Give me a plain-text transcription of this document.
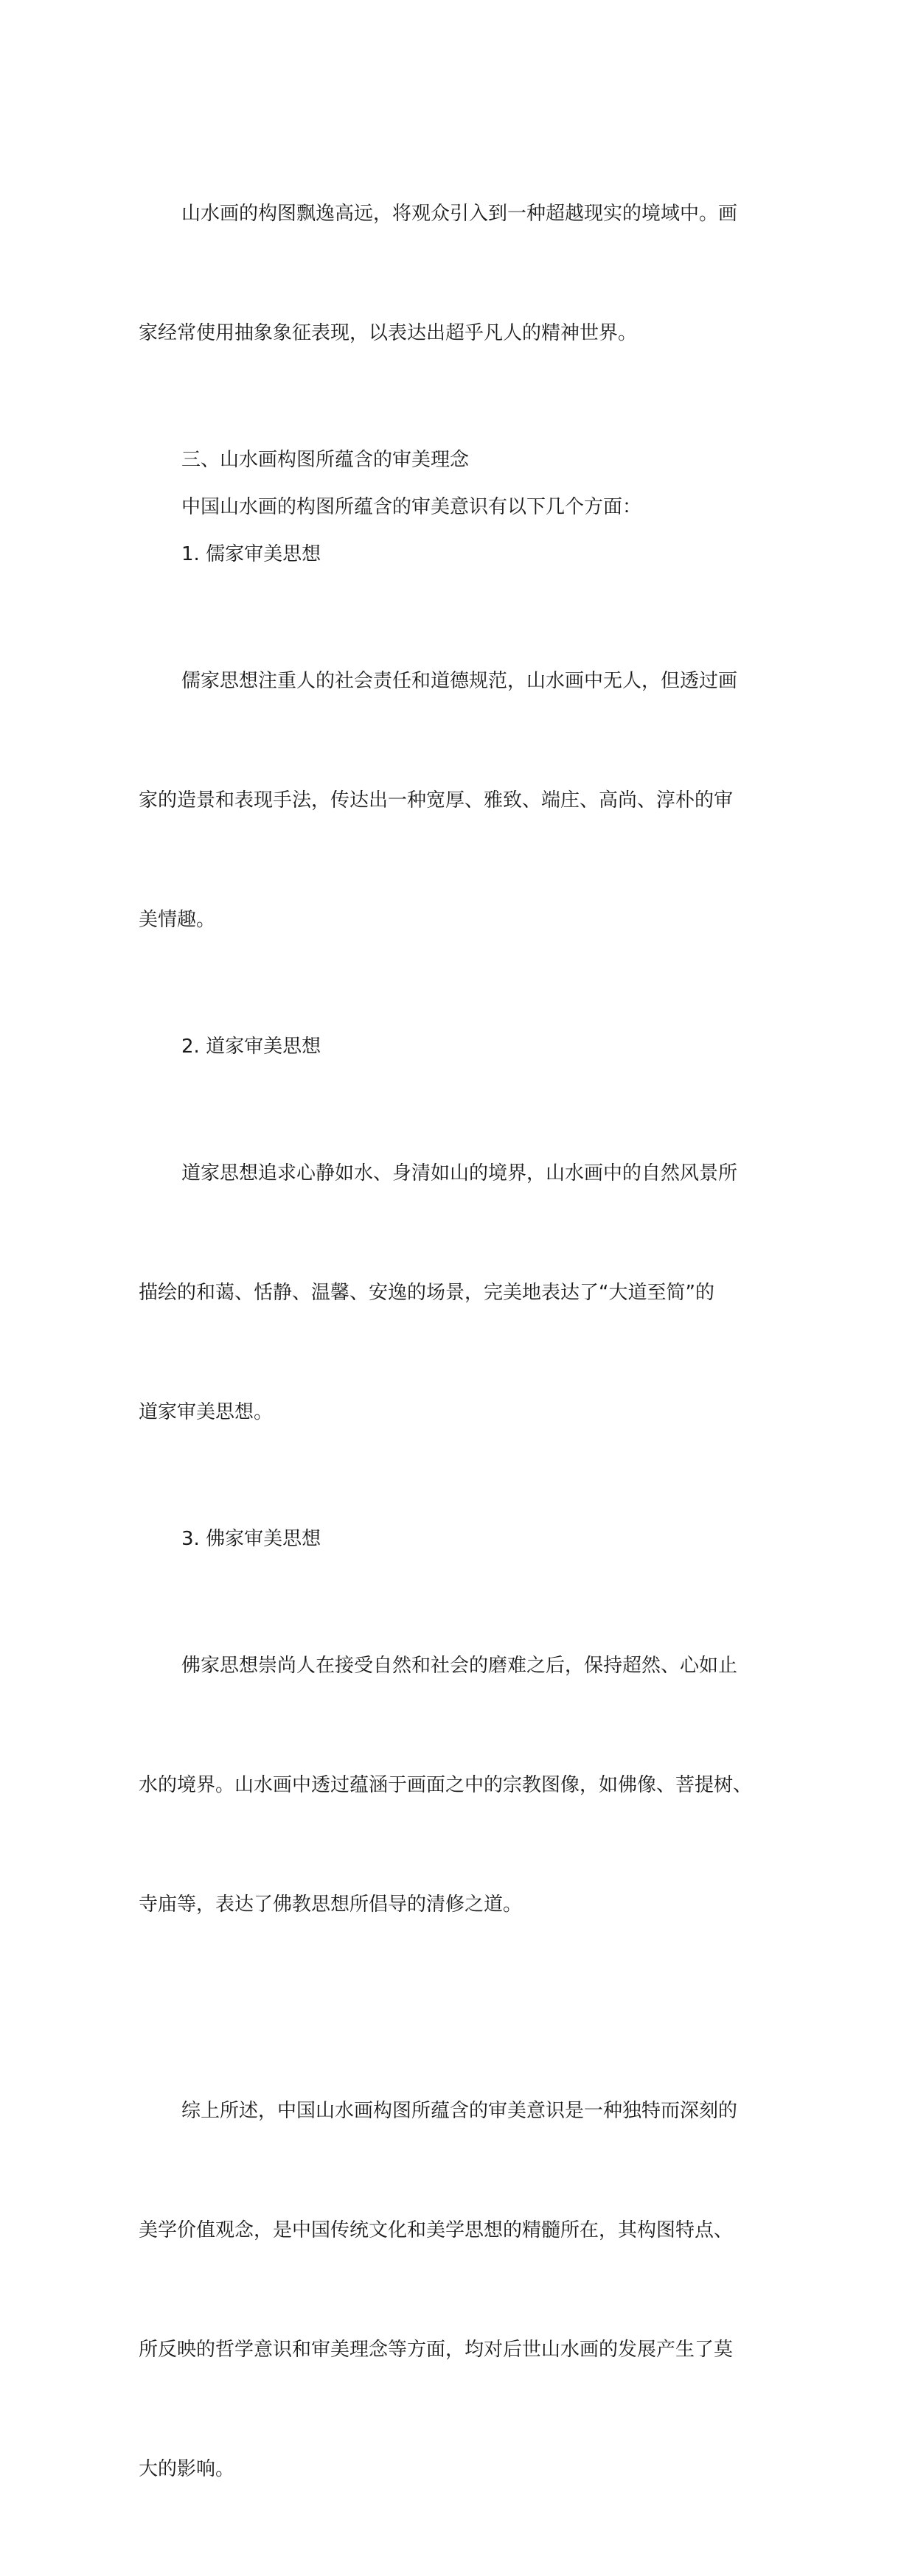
山水画的构图飘逸高远，将观众引入到一种超越现实的境域中。画

家经常使用抽象象征表现，以表达出超乎凡人的精神世界。

三、山水画构图所蕴含的审美理念

中国山水画的构图所蕴含的审美意识有以下几个方面：

1. 儒家审美思想

儒家思想注重人的社会责任和道德规范，山水画中无人，但透过画

家的造景和表现手法，传达出一种宽厚、雅致、端庄、高尚、淳朴的审

美情趣。

2. 道家审美思想

道家思想追求心静如水、身清如山的境界，山水画中的自然风景所

描绘的和蔼、恬静、温馨、安逸的场景，完美地表达了“大道至简”的

道家审美思想。

3. 佛家审美思想

佛家思想崇尚人在接受自然和社会的磨难之后，保持超然、心如止

水的境界。山水画中透过蕴涵于画面之中的宗教图像，如佛像、菩提树、

寺庙等，表达了佛教思想所倡导的清修之道。

综上所述，中国山水画构图所蕴含的审美意识是一种独特而深刻的

美学价值观念，是中国传统文化和美学思想的精髓所在，其构图特点、

所反映的哲学意识和审美理念等方面，均对后世山水画的发展产生了莫

大的影响。
